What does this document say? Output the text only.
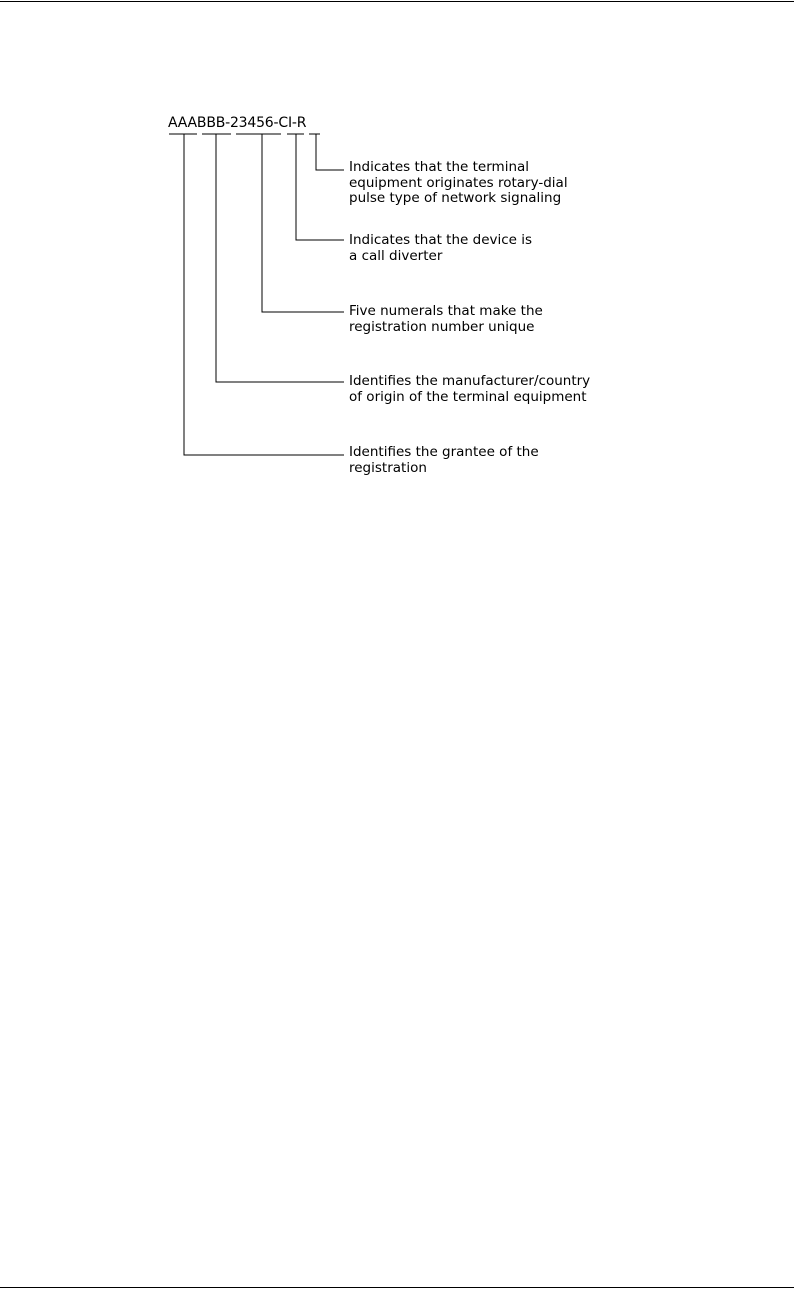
AAABBB-23456-CI-R
Indicates that the terminal
equipment originates rotary-dial
pulse type of network signaling
Indicates that the device is
a call diverter
Five numerals that make the
registration number unique
Identifies the manufacturer/country
of origin of the terminal equipment
Identifies the grantee of the
registration
